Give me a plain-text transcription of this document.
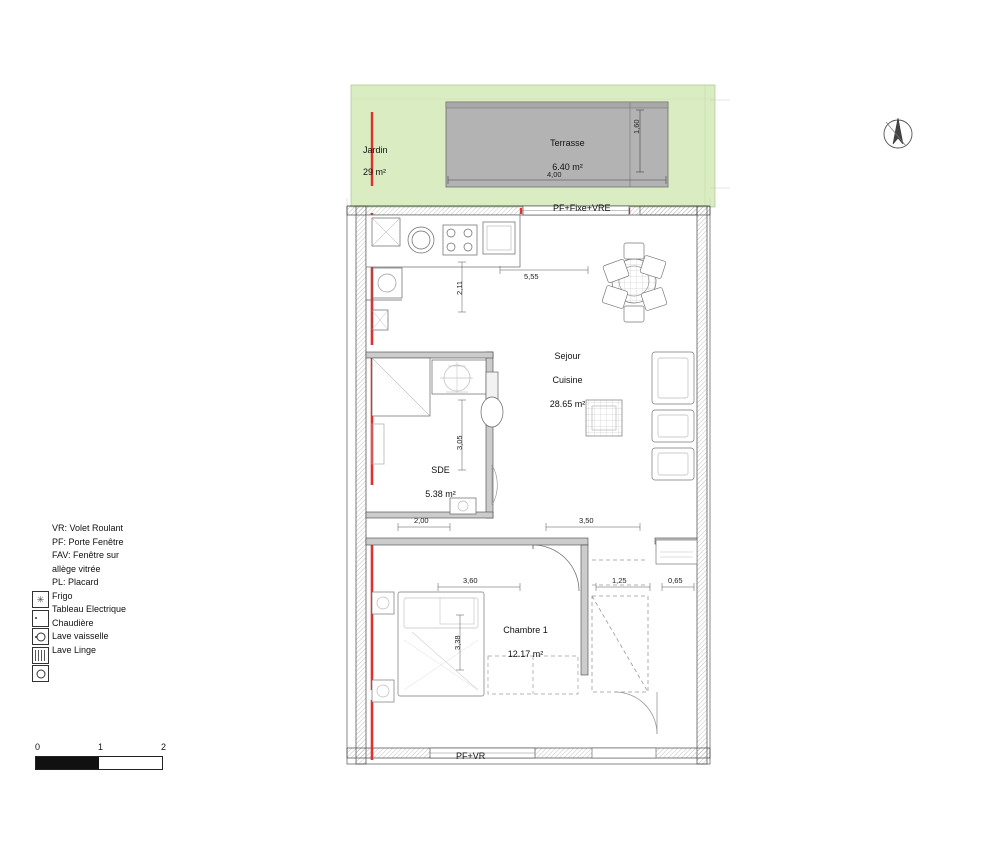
Terrasse

6.40 m²

Jardin

29 m²

Sejour

Cuisine

28.65 m²

SDE

5.38 m²

Chambre 1

12.17 m²

PF+Fixe+VRE
PF+VR
4,00
1,60
2,11
5,55
3,05
2,00	3,50
3,60
3,38
1,25	0,65
VR: Volet Roulant
PF: Porte Fenêtre
FAV: Fenêtre sur
allège vitrée
PL: Placard
Frigo
Tableau Electrique
Chaudière
Lave vaisselle
Lave Linge
✳
0	1	2
